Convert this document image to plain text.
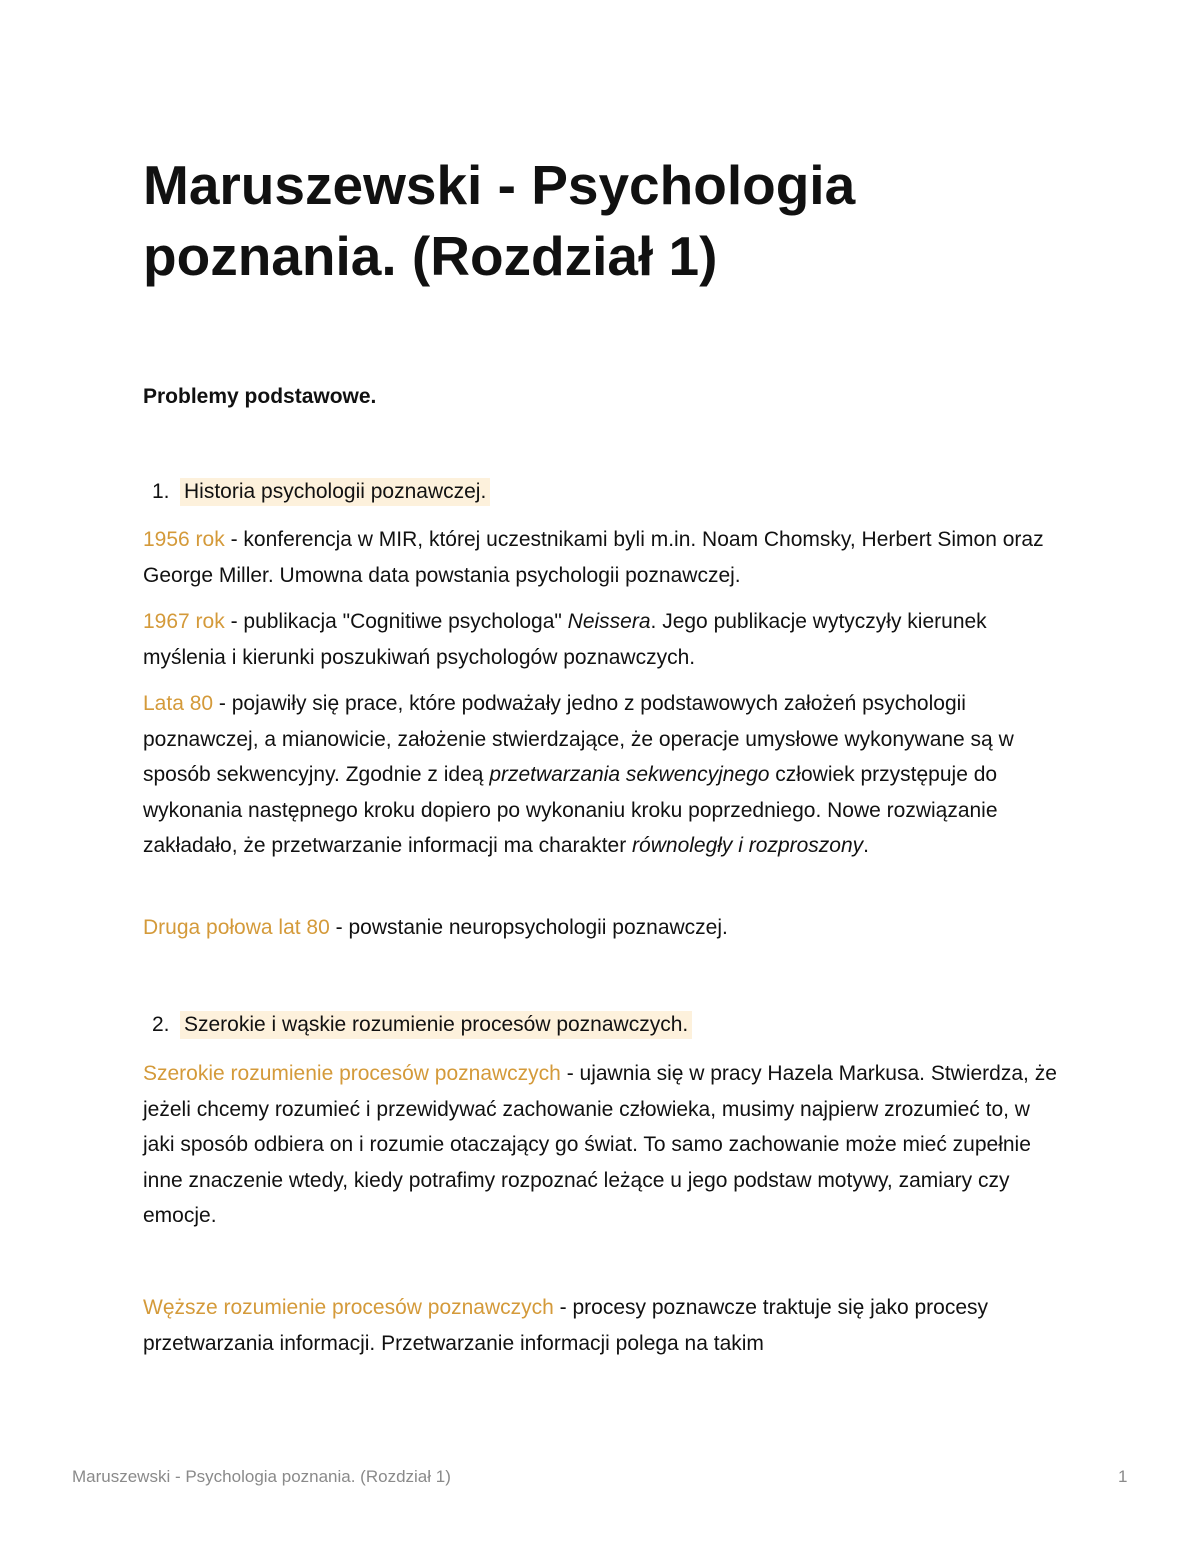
Maruszewski - Psychologia poznania. (Rozdział 1)

Problemy podstawowe.

1. Historia psychologii poznawczej.

1956 rok - konferencja w MIR, której uczestnikami byli m.in. Noam Chomsky, Herbert Simon oraz George Miller. Umowna data powstania psychologii poznawczej.

1967 rok - publikacja "Cognitiwe psychologa" Neissera. Jego publikacje wytyczyły kierunek myślenia i kierunki poszukiwań psychologów poznawczych.

Lata 80 - pojawiły się prace, które podważały jedno z podstawowych założeń psychologii poznawczej, a mianowicie, założenie stwierdzające, że operacje umysłowe wykonywane są w sposób sekwencyjny. Zgodnie z ideą przetwarzania sekwencyjnego człowiek przystępuje do wykonania następnego kroku dopiero po wykonaniu kroku poprzedniego. Nowe rozwiązanie zakładało, że przetwarzanie informacji ma charakter równoległy i rozproszony.

Druga połowa lat 80 - powstanie neuropsychologii poznawczej.

2. Szerokie i wąskie rozumienie procesów poznawczych.

Szerokie rozumienie procesów poznawczych - ujawnia się w pracy Hazela Markusa. Stwierdza, że jeżeli chcemy rozumieć i przewidywać zachowanie człowieka, musimy najpierw zrozumieć to, w jaki sposób odbiera on i rozumie otaczający go świat. To samo zachowanie może mieć zupełnie inne znaczenie wtedy, kiedy potrafimy rozpoznać leżące u jego podstaw motywy, zamiary czy emocje.

Węższe rozumienie procesów poznawczych - procesy poznawcze traktuje się jako procesy przetwarzania informacji. Przetwarzanie informacji polega na takim

Maruszewski - Psychologia poznania. (Rozdział 1)	1
